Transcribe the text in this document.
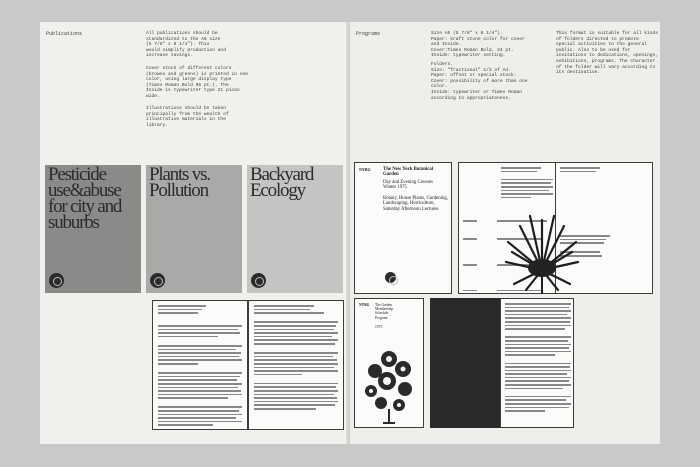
Publications	All publications should be
standardized to the A5 size
(5 7/8" x 8 1/4"). This
would simplify production and
increase savings.
Cover stock of different colors
(browns and greens) is printed in one
color, using large display type
(Times Roman Bold 96 pt.). The
Inside is typewriter type 21 picas
wide.
Illustrations should be taken
principally from the wealth of
illustrative materials in the
library.
Pesticide use&abuse for city and suburbs
Plants vs. Pollution
Backyard Ecology
Programs	Size A5 (5 7/8" x 8 1/4").
Paper: kraft stone color for cover
and Inside.
Cover:Times Roman Bold, 24 pt.
Inside: typewriter setting.
Folders.
Size: "fractional" 1/3 of A4.
Paper: offset or special stock.
Cover: possibility of more than one
color.
Inside: typewriter or Times Roman
according to appropriateness.
This format is suitable for all kinds
of folders directed to promote
special activities to the general
public. Also to be used for
invitations to dedications, openings,
exhibitions, programs. The character
of the folder will vary according to
its destination.
NYBG	The New York Botanical Garden
Day and Evening Courses
Winter 1975
Botany, House Plants, Gardening,
Landscaping, Horticulture,
Saturday Afternoon Lectures

NYBG The Garden
Membership
Schedule
Program
1975
